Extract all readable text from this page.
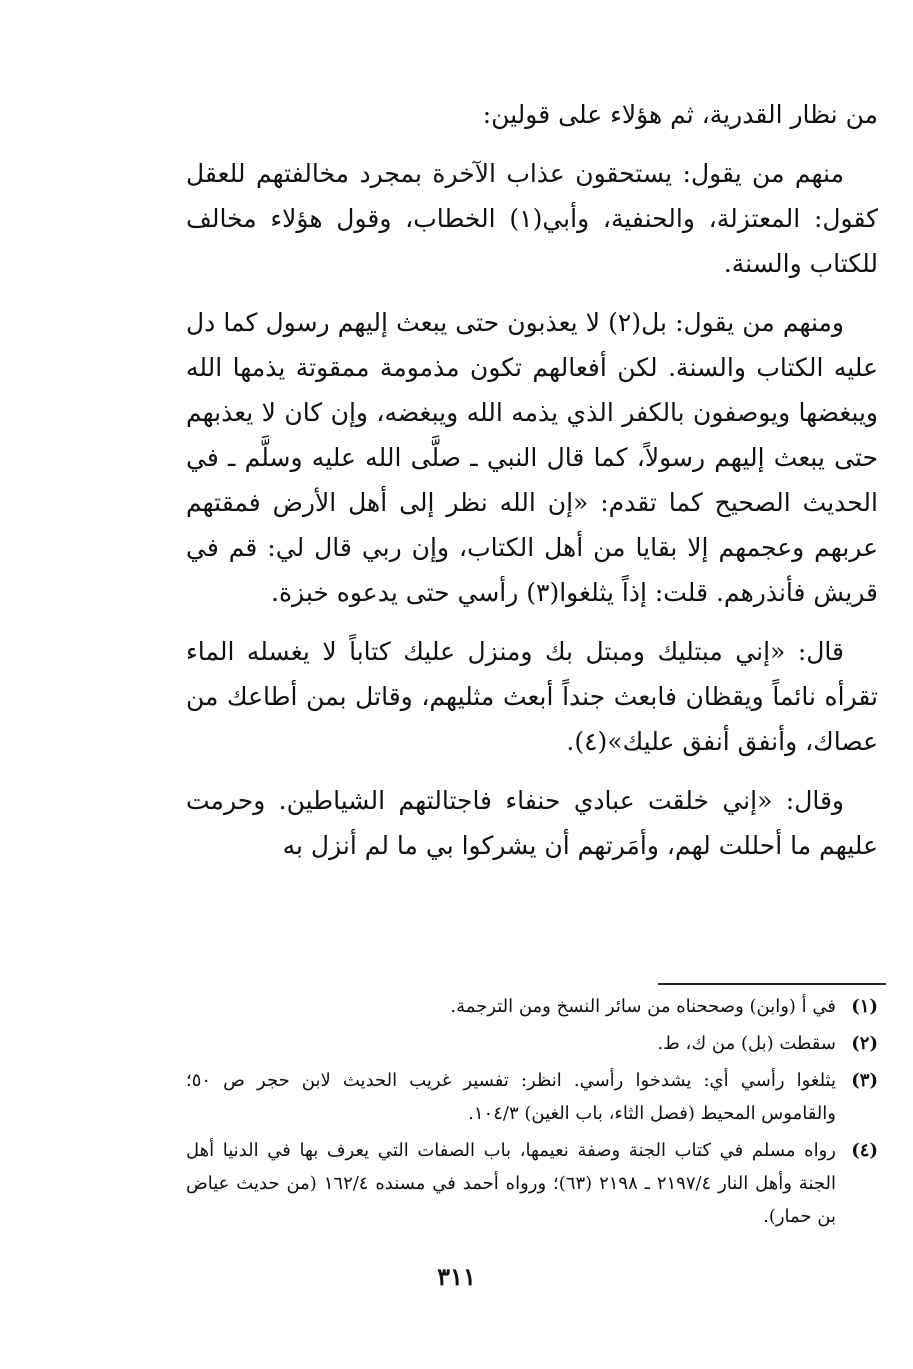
من نظار القدرية، ثم هؤلاء على قولين:

منهم من يقول: يستحقون عذاب الآخرة بمجرد مخالفتهم للعقل كقول: المعتزلة، والحنفية، وأبي(١) الخطاب، وقول هؤلاء مخالف للكتاب والسنة.

ومنهم من يقول: بل(٢) لا يعذبون حتى يبعث إليهم رسول كما دل عليه الكتاب والسنة. لكن أفعالهم تكون مذمومة ممقوتة يذمها الله ويبغضها ويوصفون بالكفر الذي يذمه الله ويبغضه، وإن كان لا يعذبهم حتى يبعث إليهم رسولاً، كما قال النبي ـ صلَّى الله عليه وسلَّم ـ في الحديث الصحيح كما تقدم: «إن الله نظر إلى أهل الأرض فمقتهم عربهم وعجمهم إلا بقايا من أهل الكتاب، وإن ربي قال لي: قم في قريش فأنذرهم. قلت: إذاً يثلغوا(٣) رأسي حتى يدعوه خبزة.

قال: «إني مبتليك ومبتل بك ومنزل عليك كتاباً لا يغسله الماء تقرأه نائماً ويقظان فابعث جنداً أبعث مثليهم، وقاتل بمن أطاعك من عصاك، وأنفق أنفق عليك»(٤).

وقال: «إني خلقت عبادي حنفاء فاجتالتهم الشياطين. وحرمت عليهم ما أحللت لهم، وأمَرتهم أن يشركوا بي ما لم أنزل به

(١)
في أ (وابن) وصححناه من سائر النسخ ومن الترجمة.
(٢)
سقطت (بل) من ك، ط.
(٣)
يثلغوا رأسي أي: يشدخوا رأسي. انظر: تفسير غريب الحديث لابن حجر ص ٥٠؛ والقاموس المحيط (فصل الثاء، باب الغين) ١٠٤/٣.
(٤)
رواه مسلم في كتاب الجنة وصفة نعيمها، باب الصفات التي يعرف بها في الدنيا أهل الجنة وأهل النار ٢١٩٧/٤ ـ ٢١٩٨ (٦٣)؛ ورواه أحمد في مسنده ١٦٢/٤ (من حديث عياض بن حمار).
٣١١
